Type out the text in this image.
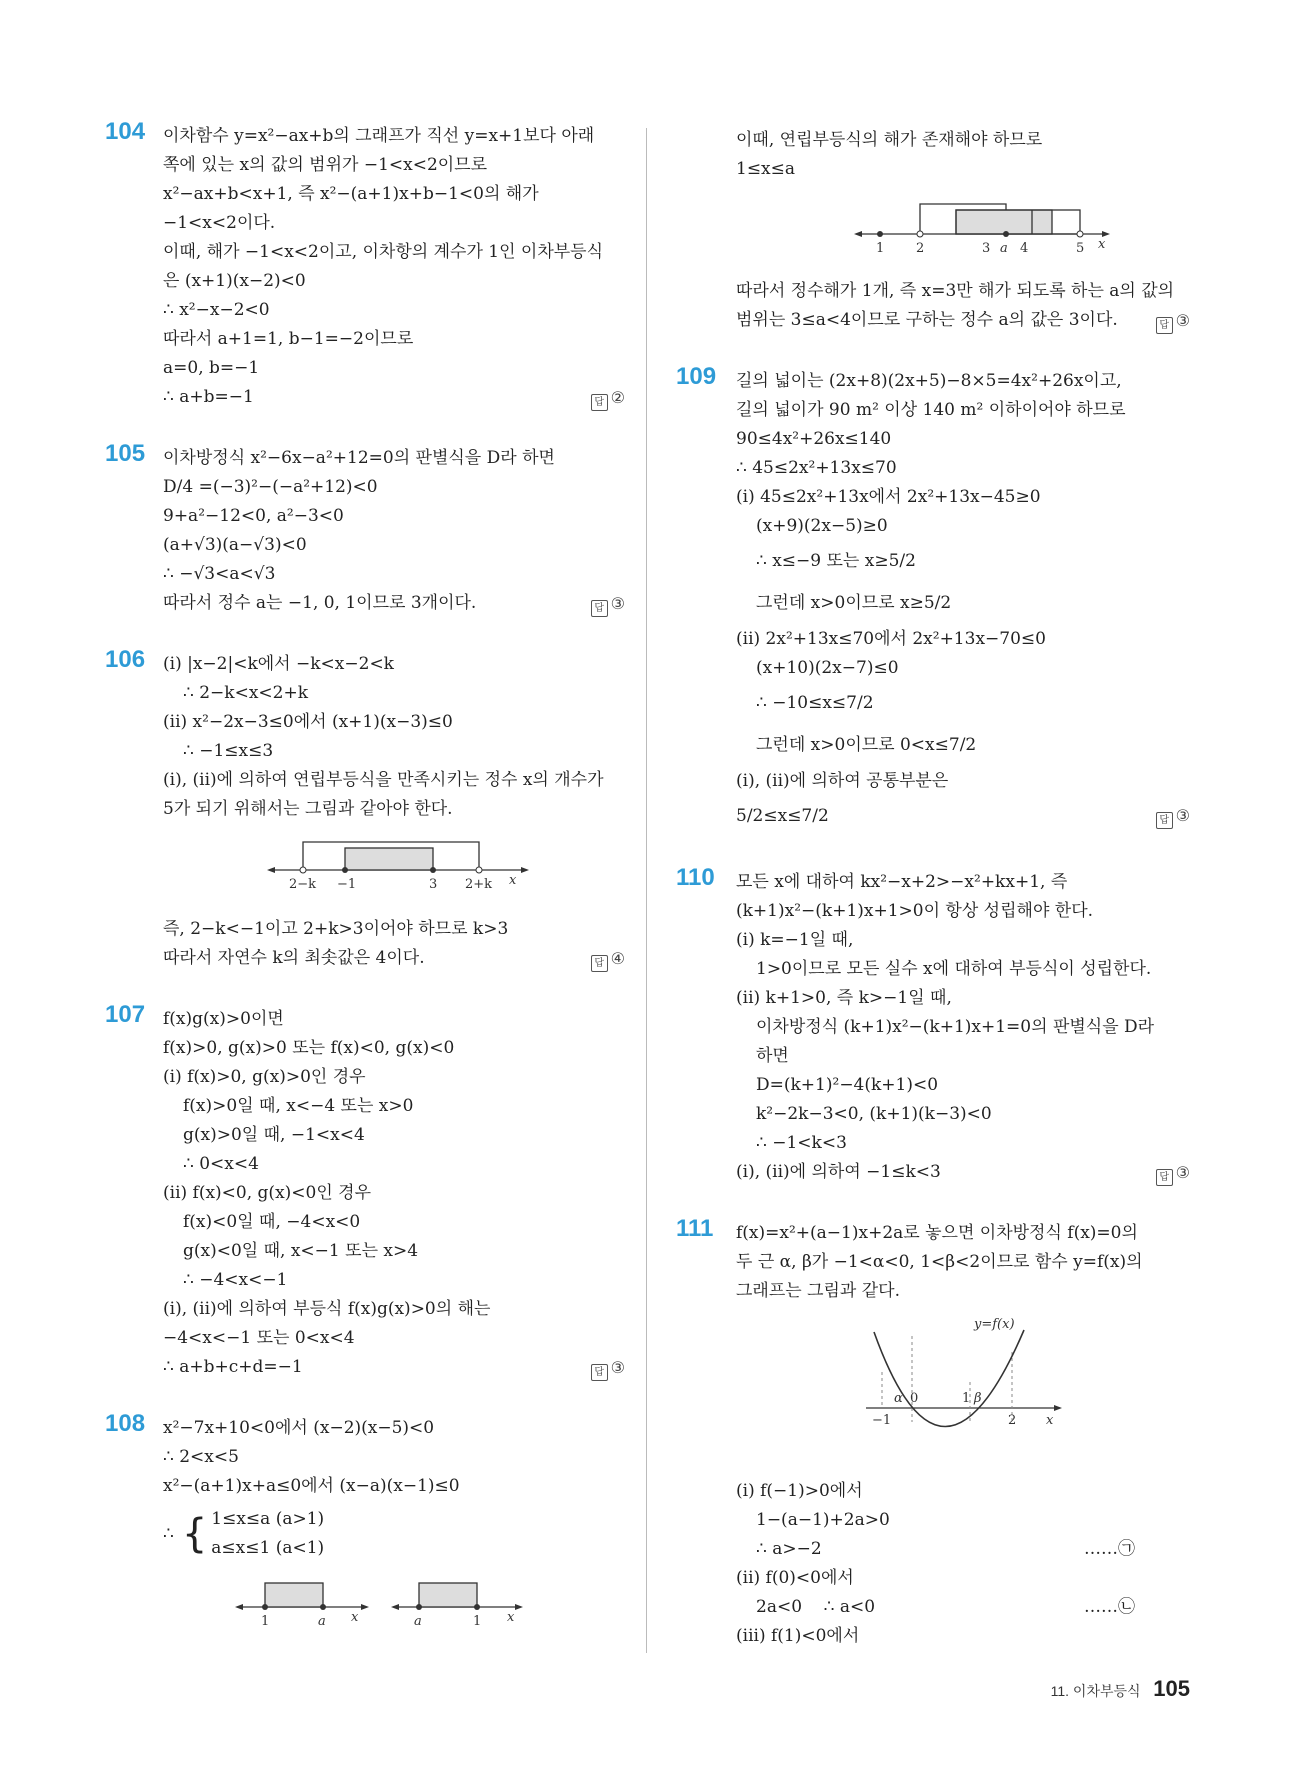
104 이차함수 y=x²−ax+b의 그래프가 직선 y=x+1보다 아래
쪽에 있는 x의 값의 범위가 −1<x<2이므로
x²−ax+b<x+1, 즉 x²−(a+1)x+b−1<0의 해가
−1<x<2이다.
이때, 해가 −1<x<2이고, 이차항의 계수가 1인 이차부등식
은 (x+1)(x−2)<0
∴ x²−x−2<0
따라서 a+1=1, b−1=−2이므로
a=0, b=−1
∴ a+b=−1	답 ②
105 이차방정식 x²−6x−a²+12=0의 판별식을 D라 하면
D/4 =(−3)²−(−a²+12)<0
9+a²−12<0, a²−3<0
(a+√3)(a−√3)<0
∴ −√3<a<√3
따라서 정수 a는 −1, 0, 1이므로 3개이다.	답 ③
106 (i) |x−2|<k에서 −k<x−2<k
∴ 2−k<x<2+k
(ii) x²−2x−3≤0에서 (x+1)(x−3)≤0
∴ −1≤x≤3
(i), (ii)에 의하여 연립부등식을 만족시키는 정수 x의 개수가
5가 되기 위해서는 그림과 같아야 한다.
2−k −1	3 2+k x
즉, 2−k<−1이고 2+k>3이어야 하므로 k>3
따라서 자연수 k의 최솟값은 4이다.	답 ④
107 f(x)g(x)>0이면
f(x)>0, g(x)>0 또는 f(x)<0, g(x)<0
(i) f(x)>0, g(x)>0인 경우
f(x)>0일 때, x<−4 또는 x>0
g(x)>0일 때, −1<x<4
∴ 0<x<4
(ii) f(x)<0, g(x)<0인 경우
f(x)<0일 때, −4<x<0
g(x)<0일 때, x<−1 또는 x>4
∴ −4<x<−1
(i), (ii)에 의하여 부등식 f(x)g(x)>0의 해는
−4<x<−1 또는 0<x<4
∴ a+b+c+d=−1	답 ③
108 x²−7x+10<0에서 (x−2)(x−5)<0
∴ 2<x<5
x²−(a+1)x+a≤0에서 (x−a)(x−1)≤0
∴ { 1≤x≤a (a>1)
a≤x≤1 (a<1)
1	a x	a	1 x
이때, 연립부등식의 해가 존재해야 하므로
1≤x≤a
1 2	3 a 4	5 x
따라서 정수해가 1개, 즉 x=3만 해가 되도록 하는 a의 값의
범위는 3≤a<4이므로 구하는 정수 a의 값은 3이다.	답 ③
109 길의 넓이는 (2x+8)(2x+5)−8×5=4x²+26x이고,
길의 넓이가 90 m² 이상 140 m² 이하이어야 하므로
90≤4x²+26x≤140
∴ 45≤2x²+13x≤70
(i) 45≤2x²+13x에서 2x²+13x−45≥0
(x+9)(2x−5)≥0
∴ x≤−9 또는 x≥5/2
그런데 x>0이므로 x≥5/2
(ii) 2x²+13x≤70에서 2x²+13x−70≤0
(x+10)(2x−7)≤0
∴ −10≤x≤7/2
그런데 x>0이므로 0<x≤7/2
(i), (ii)에 의하여 공통부분은
5/2≤x≤7/2	답 ③
110 모든 x에 대하여 kx²−x+2>−x²+kx+1, 즉
(k+1)x²−(k+1)x+1>0이 항상 성립해야 한다.
(i) k=−1일 때,
1>0이므로 모든 실수 x에 대하여 부등식이 성립한다.
(ii) k+1>0, 즉 k>−1일 때,
이차방정식 (k+1)x²−(k+1)x+1=0의 판별식을 D라
하면
D=(k+1)²−4(k+1)<0
k²−2k−3<0, (k+1)(k−3)<0
∴ −1<k<3
(i), (ii)에 의하여 −1≤k<3	답 ③
111 f(x)=x²+(a−1)x+2a로 놓으면 이차방정식 f(x)=0의
두 근 α, β가 −1<α<0, 1<β<2이므로 함수 y=f(x)의
그래프는 그림과 같다.
y=f(x)
α 0	1 β
−1	2 x
(i) f(−1)>0에서
1−(a−1)+2a>0
∴ a>−2	……㉠
(ii) f(0)<0에서
2a<0    ∴ a<0	……㉡
(iii) f(1)<0에서
11. 이차부등식 105
